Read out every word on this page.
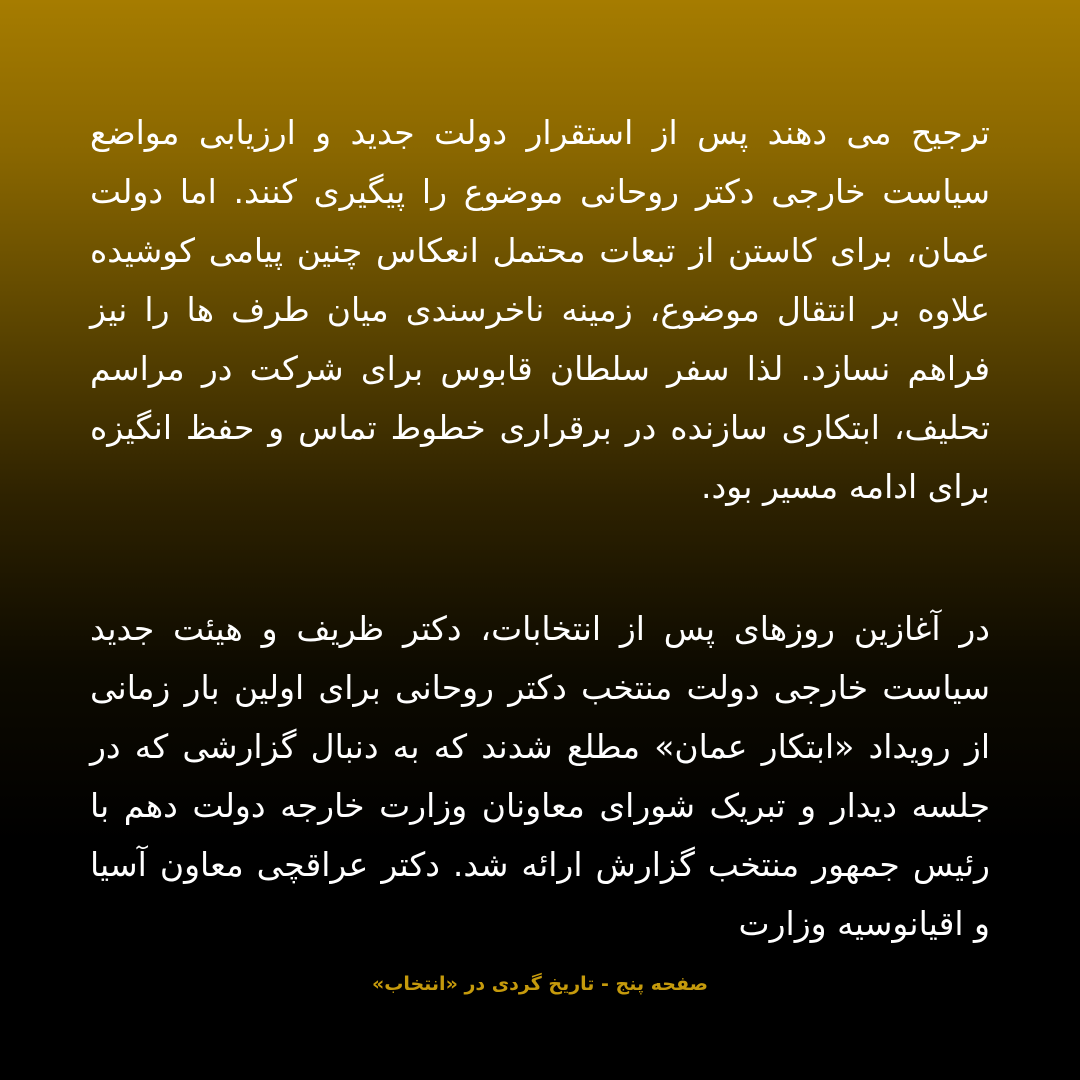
ترجیح می دهند پس از استقرار دولت جدید و ارزیابی مواضع سیاست خارجی دکتر روحانی موضوع را پیگیری کنند. اما دولت عمان، برای کاستن از تبعات محتمل انعکاس چنین پیامی کوشیده علاوه بر انتقال موضوع، زمینه ناخرسندی میان طرف ها را نیز فراهم نسازد. لذا سفر سلطان قابوس برای شرکت در مراسم تحلیف، ابتکاری سازنده در برقراری خطوط تماس و حفظ انگیزه برای ادامه مسیر بود.

در آغازین روزهای پس از انتخابات، دکتر ظریف و هیئت جدید سیاست خارجی دولت منتخب دکتر روحانی برای اولین بار زمانی از رویداد «ابتکار عمان» مطلع شدند که به دنبال گزارشی که در جلسه دیدار و تبریک شورای معاونان وزارت خارجه دولت دهم با رئیس جمهور منتخب گزارش ارائه شد. دکتر عراقچی معاون آسیا و اقیانوسیه وزارت

صفحه پنج - تاریخ گردی در «انتخاب»
